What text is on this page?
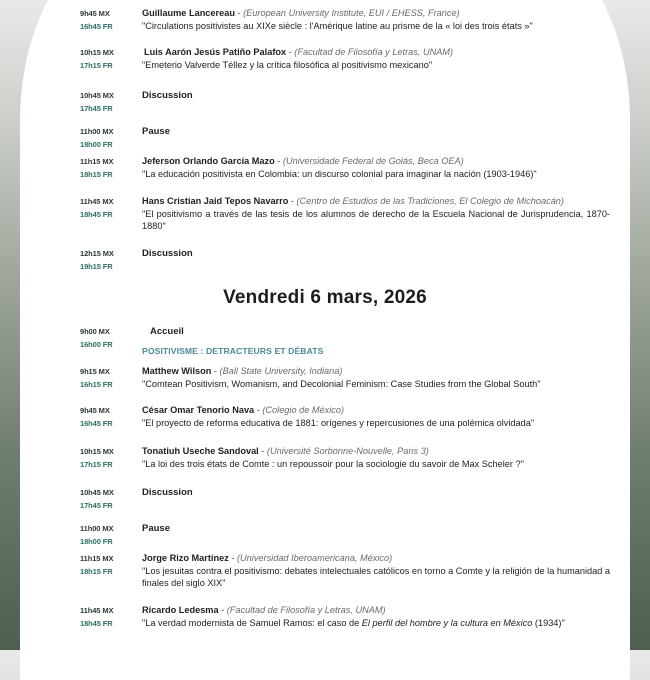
9h45 MX
16h45 FR
Guillaume Lancereau - (European University Institute, EUI / EHESS, France)
"Circulations positivistes au XIXe siècle : l'Amérique latine au prisme de la « loi des trois états »"
10h15 MX
17h15 FR
Luis Aarón Jesús Patiño Palafox - (Facultad de Filosofía y Letras, UNAM)
"Emeterio Valverde Téllez y la crítica filosófica al positivismo mexicano"
10h45 MX
17h45 FR
Discussion
11h00 MX
18h00 FR
Pause
11h15 MX
18h15 FR
Jeferson Orlando García Mazo - (Universidade Federal de Goiás, Beca OEA)
"La educación positivista en Colombia: un discurso colonial para imaginar la nación (1903-1946)"
11h45 MX
18h45 FR
Hans Cristian Jaid Tepos Navarro - (Centro de Estudios de las Tradiciones, El Colegio de Michoacán)
"El positivismo a través de las tesis de los alumnos de derecho de la Escuela Nacional de Jurisprudencia, 1870-1880"
12h15 MX
19h15 FR
Discussion
Vendredi 6 mars, 2026
9h00 MX
16h00 FR
Accueil
POSITIVISME : DETRACTEURS ET DÉBATS
9h15 MX
16h15 FR
Matthew Wilson - (Ball State University, Indiana)
"Comtean Positivism, Womanism, and Decolonial Feminism: Case Studies from the Global South"
9h45 MX
16h45 FR
César Omar Tenorio Nava - (Colegio de México)
"El proyecto de reforma educativa de 1881: orígenes y repercusiones de una polémica olvidada"
10h15 MX
17h15 FR
Tonatiuh Useche Sandoval - (Université Sorbonne-Nouvelle, Paris 3)
"La loi des trois états de Comte : un repoussoir pour la sociologie du savoir de Max Scheler ?"
10h45 MX
17h45 FR
Discussion
11h00 MX
18h00 FR
Pause
11h15 MX
18h15 FR
Jorge Rizo Martínez - (Universidad Iberoamericana, México)
"Los jesuitas contra el positivismo: debates intelectuales católicos en torno a Comte y la religión de la humanidad a finales del siglo XIX"
11h45 MX
18h45 FR
Ricardo Ledesma - (Facultad de Filosofía y Letras, UNAM)
"La verdad modernista de Samuel Ramos: el caso de El perfil del hombre y la cultura en México (1934)"
